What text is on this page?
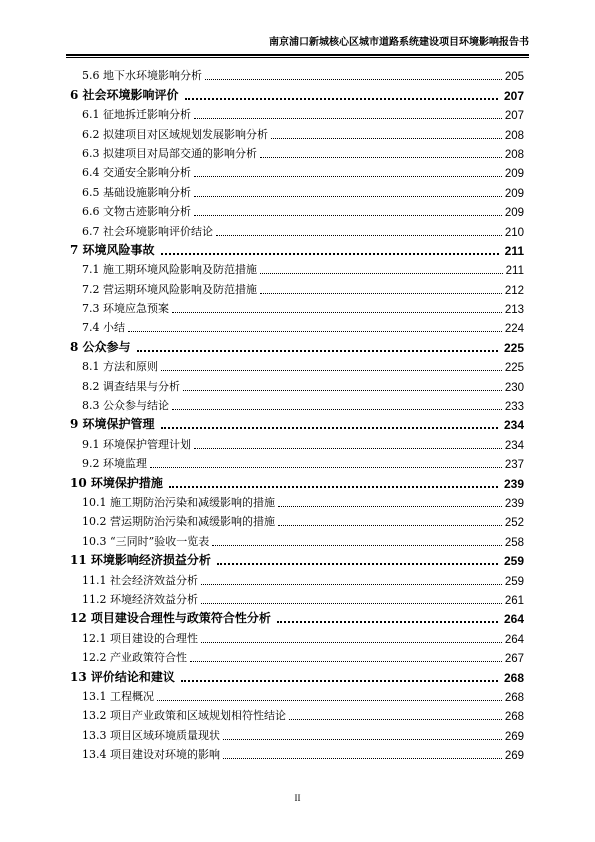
南京浦口新城核心区城市道路系统建设项目环境影响报告书
5.6 地下水环境影响分析	205
6 社会环境影响评价	207
6.1 征地拆迁影响分析	207
6.2 拟建项目对区域规划发展影响分析	208
6.3 拟建项目对局部交通的影响分析	208
6.4 交通安全影响分析	209
6.5 基础设施影响分析	209
6.6 文物古迹影响分析	209
6.7 社会环境影响评价结论	210
7 环境风险事故	211
7.1 施工期环境风险影响及防范措施	211
7.2 营运期环境风险影响及防范措施	212
7.3 环境应急预案	213
7.4 小结	224
8 公众参与	225
8.1 方法和原则	225
8.2 调查结果与分析	230
8.3 公众参与结论	233
9 环境保护管理	234
9.1 环境保护管理计划	234
9.2 环境监理	237
10 环境保护措施	239
10.1 施工期防治污染和减缓影响的措施	239
10.2 营运期防治污染和减缓影响的措施	252
10.3 “三同时”验收一览表	258
11 环境影响经济损益分析	259
11.1 社会经济效益分析	259
11.2 环境经济效益分析	261
12 项目建设合理性与政策符合性分析	264
12.1 项目建设的合理性	264
12.2 产业政策符合性	267
13 评价结论和建议	268
13.1 工程概况	268
13.2 项目产业政策和区域规划相符性结论	268
13.3 项目区域环境质量现状	269
13.4 项目建设对环境的影响	269
II
